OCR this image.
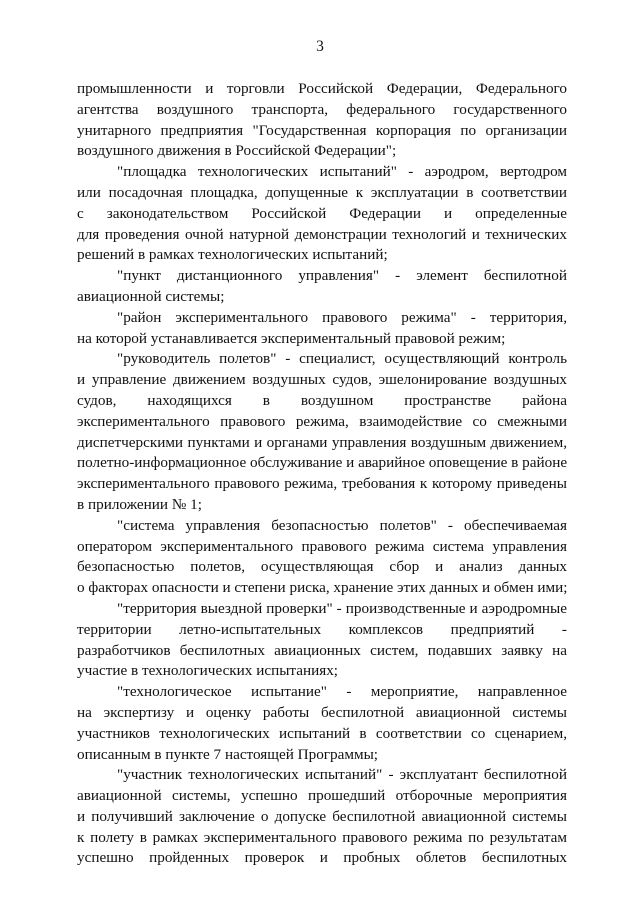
3

промышленности и торговли Российской Федерации, Федерального
агентства воздушного транспорта, федерального государственного
унитарного предприятия "Государственная корпорация по организации
воздушного движения в Российской Федерации";

"площадка технологических испытаний" - аэродром, вертодром
или посадочная площадка, допущенные к эксплуатации в соответствии
с законодательством Российской Федерации и определенные
для проведения очной натурной демонстрации технологий и технических
решений в рамках технологических испытаний;

"пункт дистанционного управления" - элемент беспилотной
авиационной системы;

"район экспериментального правового режима" - территория,
на которой устанавливается экспериментальный правовой режим;

"руководитель полетов" - специалист, осуществляющий контроль
и управление движением воздушных судов, эшелонирование воздушных
судов, находящихся в воздушном пространстве района
экспериментального правового режима, взаимодействие со смежными
диспетчерскими пунктами и органами управления воздушным движением,
полетно-информационное обслуживание и аварийное оповещение в районе
экспериментального правового режима, требования к которому приведены
в приложении № 1;

"система управления безопасностью полетов" - обеспечиваемая
оператором экспериментального правового режима система управления
безопасностью полетов, осуществляющая сбор и анализ данных
о факторах опасности и степени риска, хранение этих данных и обмен ими;

"территория выездной проверки" - производственные и аэродромные
территории летно-испытательных комплексов предприятий -
разработчиков беспилотных авиационных систем, подавших заявку на
участие в технологических испытаниях;

"технологическое испытание" - мероприятие, направленное
на экспертизу и оценку работы беспилотной авиационной системы
участников технологических испытаний в соответствии со сценарием,
описанным в пункте 7 настоящей Программы;

"участник технологических испытаний" - эксплуатант беспилотной
авиационной системы, успешно прошедший отборочные мероприятия
и получивший заключение о допуске беспилотной авиационной системы
к полету в рамках экспериментального правового режима по результатам
успешно пройденных проверок и пробных облетов беспилотных
